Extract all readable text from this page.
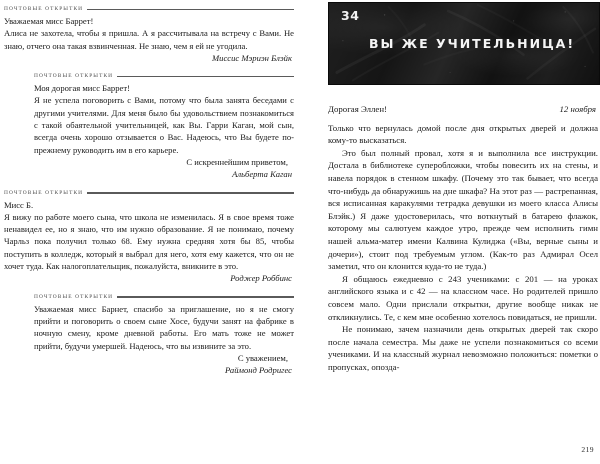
ПОЧТОВЫЕ ОТКРЫТКИ

Уважаемая мисс Баррет!

Алиса не захотела, чтобы я пришла. А я рассчитывала на встречу с Вами. Не знаю, отчего она такая взвинченная. Не знаю, чем я ей не угодила.

Миссис Мэриэн Блэйк

ПОЧТОВЫЕ ОТКРЫТКИ

Моя дорогая мисс Баррет!

Я не успела поговорить с Вами, потому что была занята беседами с другими учителями. Для меня было бы удовольствием познакомиться с такой обаятельной учительницей, как Вы. Гарри Каган, мой сын, всегда очень хорошо отзывается о Вас. Надеюсь, что Вы будете по-прежнему руководить им в его карьере.

С искреннейшим приветом,

Альберта Каган

ПОЧТОВЫЕ ОТКРЫТКИ

Мисс Б.

Я вижу по работе моего сына, что школа не изменилась. Я в свое время тоже ненавидел ее, но я знаю, что им нужно образование. Я не понимаю, почему Чарльз пока получил только 68. Ему нужна средняя хотя бы 85, чтобы поступить в колледж, который я выбрал для него, хотя ему кажется, что он не хочет туда. Как налогоплательщик, пожалуйста, вникните в это.

Роджер Роббинс

ПОЧТОВЫЕ ОТКРЫТКИ

Уважаемая мисс Барнет, спасибо за приглашение, но я не смогу прийти и поговорить о своем сыне Хосе, будучи занят на фабрике в ночную смену, кроме дневной работы. Его мать тоже не может прийти, будучи умершей. Надеюсь, что вы извините за это.

С уважением,

Раймонд Родригес

34
ВЫ ЖЕ УЧИТЕЛЬНИЦА!
Дорогая Эллен!	12 ноября

Только что вернулась домой после дня открытых дверей и должна кому-то высказаться.

Это был полный провал, хотя я и выполнила все инструкции. Достала в библиотеке суперобложки, чтобы повесить их на стены, и навела порядок в стенном шкафу. (Почему это так бывает, что всегда что-нибудь да обнаружишь на дне шкафа? На этот раз — растрепанная, вся исписанная каракулями тетрадка девушки из моего класса Алисы Блэйк.) Я даже удостоверилась, что воткнутый в батарею флажок, которому мы салютуем каждое утро, прежде чем исполнить гимн нашей альма-матер имени Калвина Кулиджа («Вы, верные сыны и дочери»), стоит под требуемым углом. (Как-то раз Адмирал Осел заметил, что он клонится куда-то не туда.)

Я общаюсь ежедневно с 243 учениками: с 201 — на уроках английского языка и с 42 — на классном часе. Но родителей пришло совсем мало. Одни прислали открытки, другие вообще никак не откликнулись. Те, с кем мне особенно хотелось повидаться, не пришли.

Не понимаю, зачем назначили день открытых дверей так скоро после начала семестра. Мы даже не успели познакомиться со всеми учениками. И на классный журнал невозможно положиться: пометки о пропусках, опозда-

219
